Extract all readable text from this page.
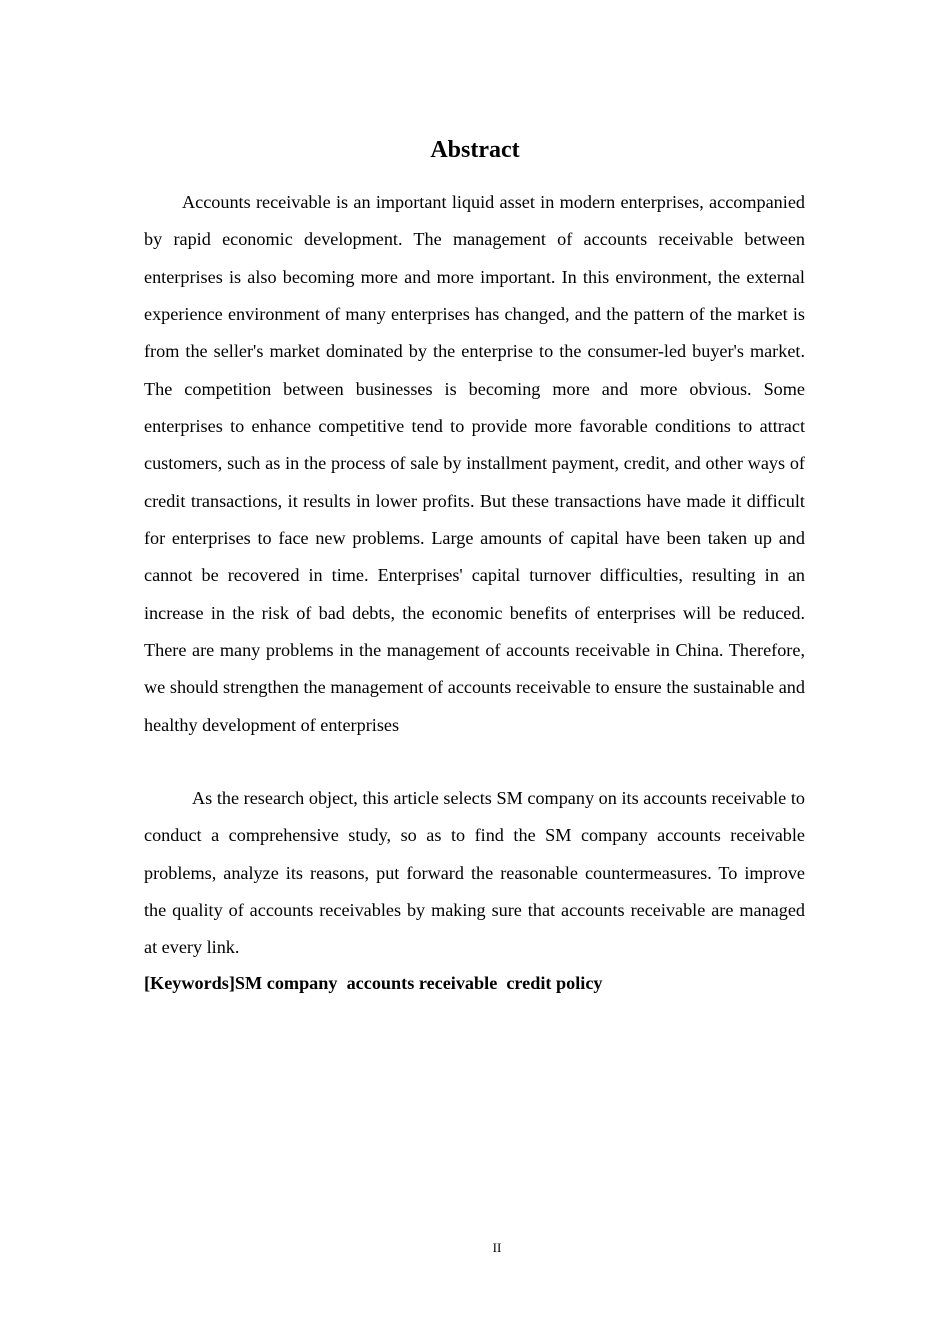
Abstract

Accounts receivable is an important liquid asset in modern enterprises, accompanied by rapid economic development. The management of accounts receivable between enterprises is also becoming more and more important. In this environment, the external experience environment of many enterprises has changed, and the pattern of the market is from the seller's market dominated by the enterprise to the consumer-led buyer's market. The competition between businesses is becoming more and more obvious. Some enterprises to enhance competitive tend to provide more favorable conditions to attract customers, such as in the process of sale by installment payment, credit, and other ways of credit transactions, it results in lower profits. But these transactions have made it difficult for enterprises to face new problems. Large amounts of capital have been taken up and cannot be recovered in time. Enterprises' capital turnover difficulties, resulting in an increase in the risk of bad debts, the economic benefits of enterprises will be reduced. There are many problems in the management of accounts receivable in China. Therefore, we should strengthen the management of accounts receivable to ensure the sustainable and healthy development of enterprises

As the research object, this article selects SM company on its accounts receivable to conduct a comprehensive study, so as to find the SM company accounts receivable problems, analyze its reasons, put forward the reasonable countermeasures. To improve the quality of accounts receivables by making sure that accounts receivable are managed at every link.

[Keywords]SM company  accounts receivable  credit policy

II
